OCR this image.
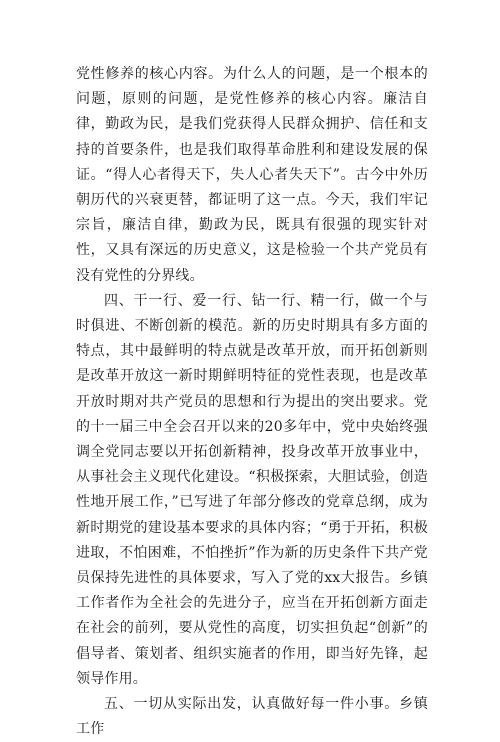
党性修养的核心内容。为什么人的问题，是一个根本的问题，原则的问题，是党性修养的核心内容。廉洁自律，勤政为民，是我们党获得人民群众拥护、信任和支持的首要条件，也是我们取得革命胜利和建设发展的保证。“得人心者得天下，失人心者失天下”。古今中外历朝历代的兴衰更替，都证明了这一点。今天，我们牢记宗旨，廉洁自律，勤政为民，既具有很强的现实针对性，又具有深远的历史意义，这是检验一个共产党员有没有党性的分界线。

四、干一行、爱一行、钻一行、精一行，做一个与时俱进、不断创新的模范。新的历史时期具有多方面的特点，其中最鲜明的特点就是改革开放，而开拓创新则是改革开放这一新时期鲜明特征的党性表现，也是改革开放时期对共产党员的思想和行为提出的突出要求。党的十一届三中全会召开以来的20多年中，党中央始终强调全党同志要以开拓创新精神，投身改革开放事业中，从事社会主义现代化建设。“积极探索，大胆试验，创造性地开展工作，”已写进了年部分修改的党章总纲，成为新时期党的建设基本要求的具体内容；“勇于开拓，积极进取，不怕困难，不怕挫折”作为新的历史条件下共产党员保持先进性的具体要求，写入了党的xx大报告。乡镇工作者作为全社会的先进分子，应当在开拓创新方面走在社会的前列，要从党性的高度，切实担负起“创新”的倡导者、策划者、组织实施者的作用，即当好先锋，起领导作用。

五、一切从实际出发，认真做好每一件小事。乡镇工作
